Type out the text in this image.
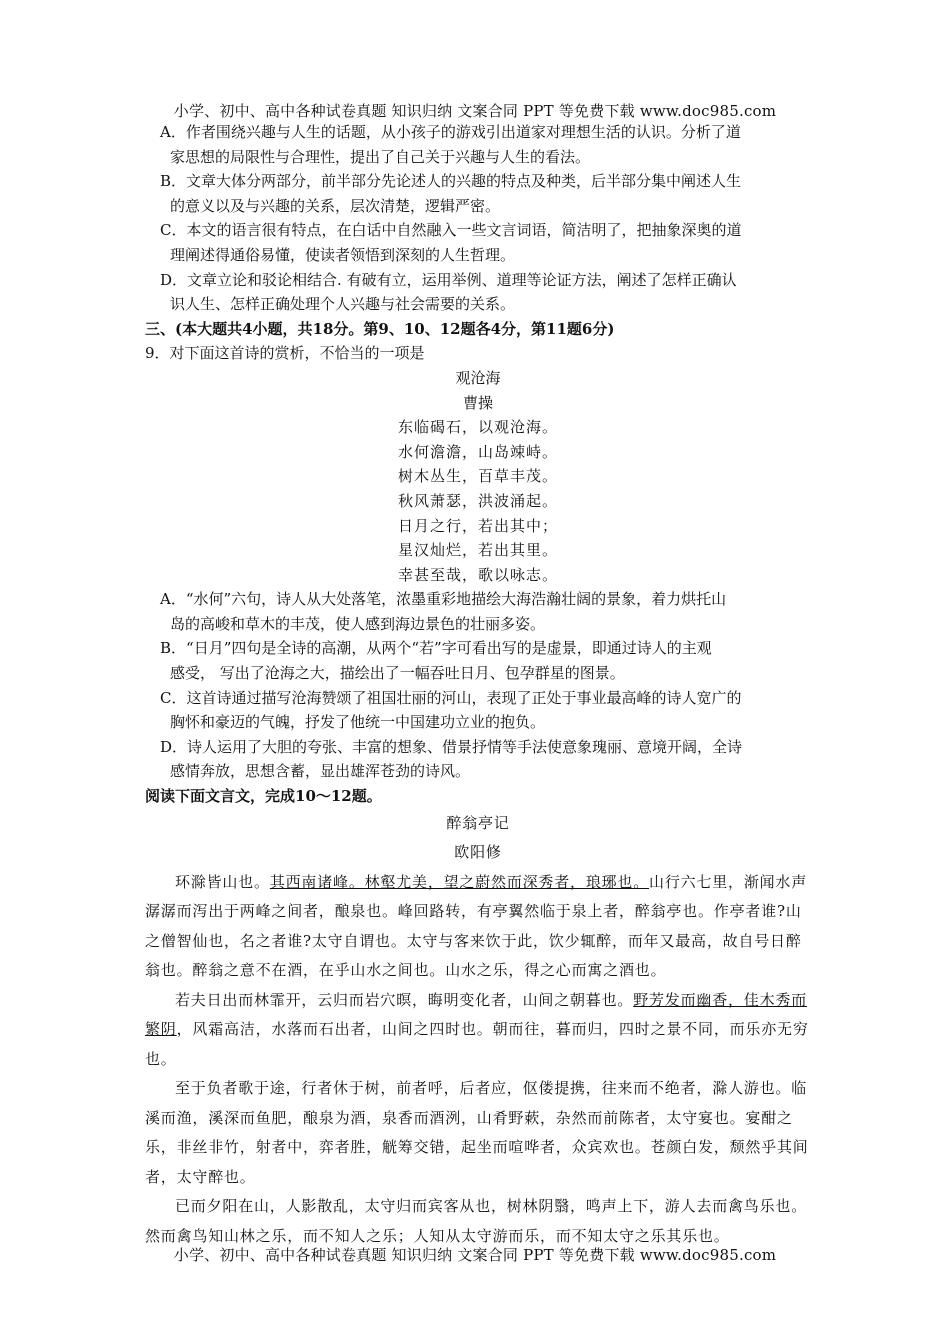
小学、初中、高中各种试卷真题 知识归纳 文案合同 PPT 等免费下载 www.doc985.com
A．作者围绕兴趣与人生的话题，从小孩子的游戏引出道家对理想生活的认识。分析了道
家思想的局限性与合理性，提出了自己关于兴趣与人生的看法。
B．文章大体分两部分，前半部分先论述人的兴趣的特点及种类，后半部分集中阐述人生
的意义以及与兴趣的关系，层次清楚，逻辑严密。
C．本文的语言很有特点，在白话中自然融入一些文言词语，简洁明了，把抽象深奥的道
理阐述得通俗易懂，使读者领悟到深刻的人生哲理。
D．文章立论和驳论相结合. 有破有立，运用举例、道理等论证方法，阐述了怎样正确认
识人生、怎样正确处理个人兴趣与社会需要的关系。

三、(本大题共4小题，共18分。第9、10、12题各4分，第11题6分)

9．对下面这首诗的赏析，不恰当的一项是

观沧海

曹操

东临碣石，以观沧海。

水何澹澹，山岛竦峙。

树木丛生，百草丰茂。

秋风萧瑟，洪波涌起。

日月之行，若出其中；

星汉灿烂，若出其里。

幸甚至哉，歌以咏志。

A．“水何”六句，诗人从大处落笔，浓墨重彩地描绘大海浩瀚壮阔的景象，着力烘托山
岛的高峻和草木的丰茂，使人感到海边景色的壮丽多姿。
B．“日月”四句是全诗的高潮，从两个“若”字可看出写的是虚景，即通过诗人的主观
感受， 写出了沧海之大，描绘出了一幅吞吐日月、包孕群星的图景。
C．这首诗通过描写沧海赞颂了祖国壮丽的河山，表现了正处于事业最高峰的诗人宽广的
胸怀和豪迈的气魄，抒发了他统一中国建功立业的抱负。
D．诗人运用了大胆的夸张、丰富的想象、借景抒情等手法使意象瑰丽、意境开阔，全诗
感情奔放，思想含蓄，显出雄浑苍劲的诗风。

阅读下面文言文，完成10～12题。

醉翁亭记

欧阳修

环滁皆山也。其西南诸峰。林壑尤美，望之蔚然而深秀者，琅琊也。山行六七里，渐闻水声潺潺而泻出于两峰之间者，酿泉也。峰回路转，有亭翼然临于泉上者，醉翁亭也。作亭者谁?山之僧智仙也，名之者谁?太守自谓也。太守与客来饮于此，饮少辄醉，而年又最高，故自号日醉翁也。醉翁之意不在酒，在乎山水之间也。山水之乐，得之心而寓之酒也。

若夫日出而林霏开，云归而岩穴暝，晦明变化者，山间之朝暮也。野芳发而幽香，佳木秀而繁阴，风霜高洁，水落而石出者，山间之四时也。朝而往，暮而归，四时之景不同，而乐亦无穷也。

至于负者歌于途，行者休于树，前者呼，后者应，伛偻提携，往来而不绝者，滁人游也。临溪而渔，溪深而鱼肥，酿泉为酒，泉香而酒洌，山肴野蔌，杂然而前陈者，太守宴也。宴酣之乐，非丝非竹，射者中，弈者胜，觥筹交错，起坐而喧哗者，众宾欢也。苍颜白发，颓然乎其间者，太守醉也。

已而夕阳在山，人影散乱，太守归而宾客从也，树林阴翳，鸣声上下，游人去而禽鸟乐也。然而禽鸟知山林之乐，而不知人之乐；人知从太守游而乐，而不知太守之乐其乐也。

小学、初中、高中各种试卷真题 知识归纳 文案合同 PPT 等免费下载 www.doc985.com
